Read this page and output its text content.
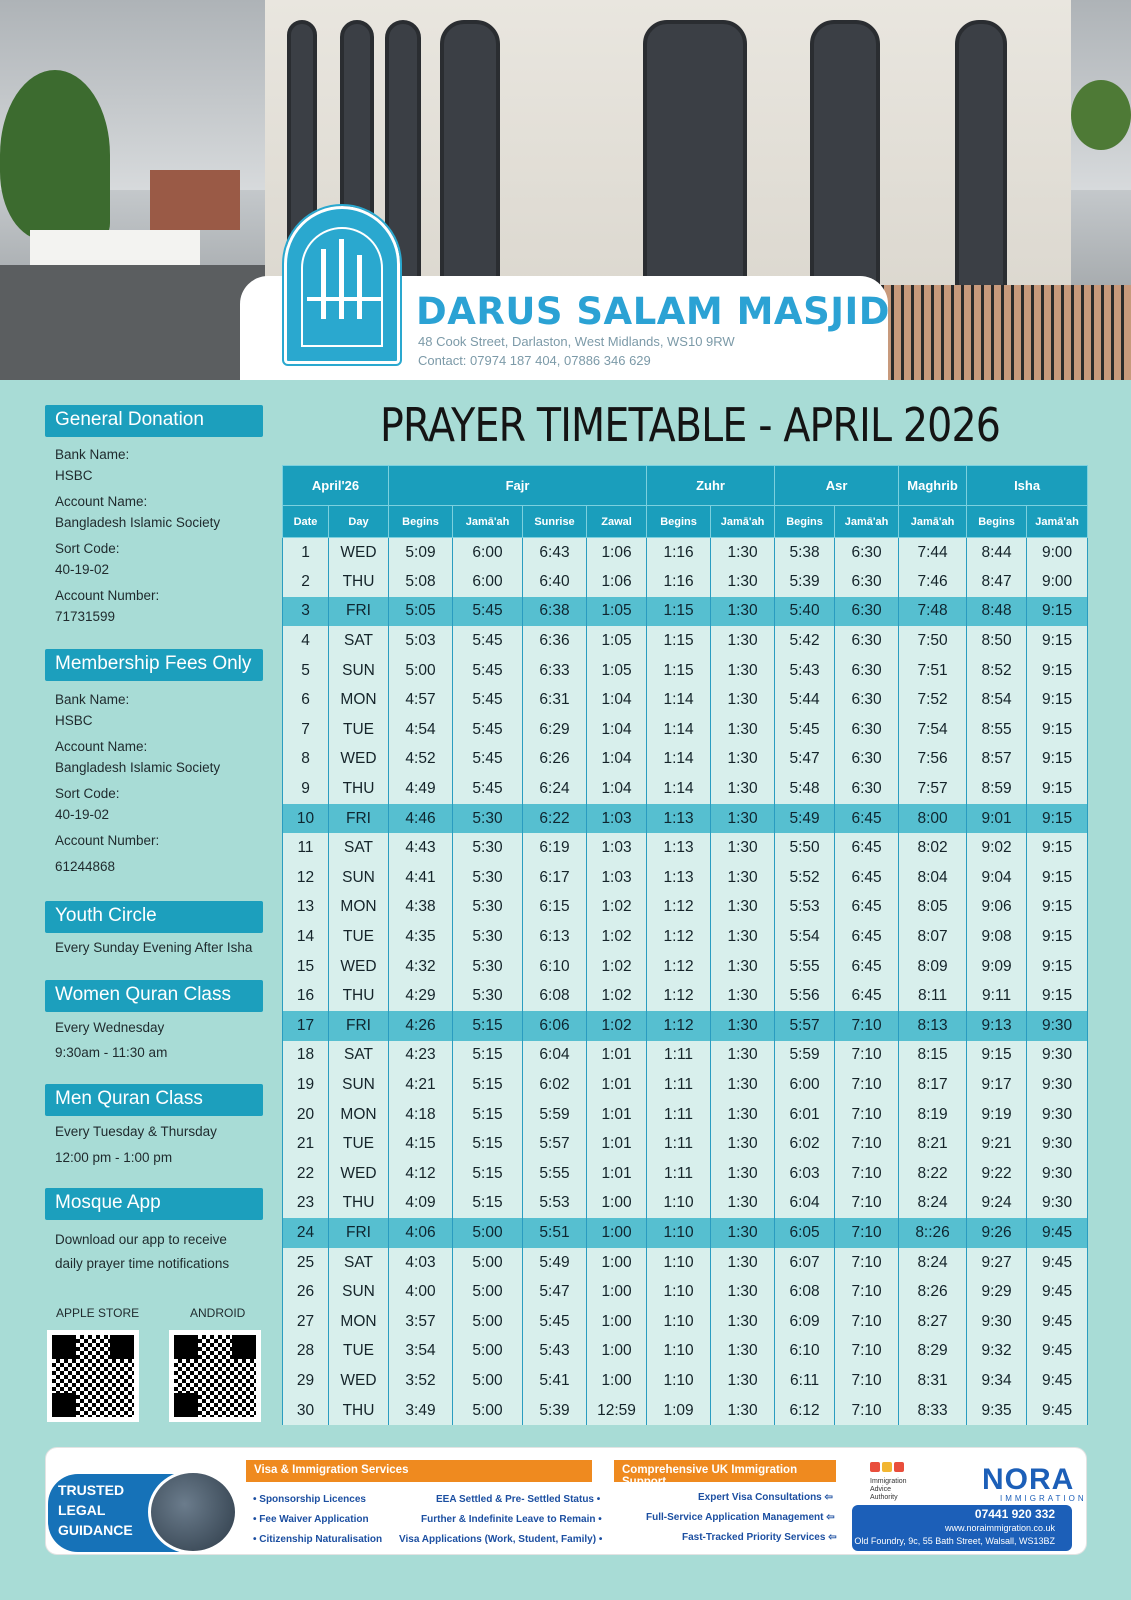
DARUS SALAM MASJID
48 Cook Street, Darlaston, West Midlands, WS10 9RW
Contact: 07974 187 404, 07886 346 629
General Donation
Bank Name:
HSBC
Account Name:
Bangladesh Islamic Society
Sort Code:
40-19-02
Account Number:
71731599
Membership Fees Only
Bank Name:
HSBC
Account Name:
Bangladesh Islamic Society
Sort Code:
40-19-02
Account Number:
61244868
Youth Circle
Every Sunday Evening After Isha
Women Quran Class
Every Wednesday
9:30am - 11:30 am
Men Quran Class
Every Tuesday & Thursday
12:00 pm - 1:00 pm
Mosque App
Download our app to receive
daily prayer time notifications
APPLE STORE	ANDROID
PRAYER TIMETABLE - APRIL 2026
April'26		Fajr				Zuhr		Asr		Maghrib	Isha	
Date	Day	Begins	Jamā'ah	Sunrise	Zawal	Begins	Jamā'ah	Begins	Jamā'ah	Jamā'ah	Begins	Jamā'ah
1	WED	5:09	6:00	6:43	1:06	1:16	1:30	5:38	6:30	7:44	8:44	9:00
2	THU	5:08	6:00	6:40	1:06	1:16	1:30	5:39	6:30	7:46	8:47	9:00
3	FRI	5:05	5:45	6:38	1:05	1:15	1:30	5:40	6:30	7:48	8:48	9:15
4	SAT	5:03	5:45	6:36	1:05	1:15	1:30	5:42	6:30	7:50	8:50	9:15
5	SUN	5:00	5:45	6:33	1:05	1:15	1:30	5:43	6:30	7:51	8:52	9:15
6	MON	4:57	5:45	6:31	1:04	1:14	1:30	5:44	6:30	7:52	8:54	9:15
7	TUE	4:54	5:45	6:29	1:04	1:14	1:30	5:45	6:30	7:54	8:55	9:15
8	WED	4:52	5:45	6:26	1:04	1:14	1:30	5:47	6:30	7:56	8:57	9:15
9	THU	4:49	5:45	6:24	1:04	1:14	1:30	5:48	6:30	7:57	8:59	9:15
10	FRI	4:46	5:30	6:22	1:03	1:13	1:30	5:49	6:45	8:00	9:01	9:15
11	SAT	4:43	5:30	6:19	1:03	1:13	1:30	5:50	6:45	8:02	9:02	9:15
12	SUN	4:41	5:30	6:17	1:03	1:13	1:30	5:52	6:45	8:04	9:04	9:15
13	MON	4:38	5:30	6:15	1:02	1:12	1:30	5:53	6:45	8:05	9:06	9:15
14	TUE	4:35	5:30	6:13	1:02	1:12	1:30	5:54	6:45	8:07	9:08	9:15
15	WED	4:32	5:30	6:10	1:02	1:12	1:30	5:55	6:45	8:09	9:09	9:15
16	THU	4:29	5:30	6:08	1:02	1:12	1:30	5:56	6:45	8:11	9:11	9:15
17	FRI	4:26	5:15	6:06	1:02	1:12	1:30	5:57	7:10	8:13	9:13	9:30
18	SAT	4:23	5:15	6:04	1:01	1:11	1:30	5:59	7:10	8:15	9:15	9:30
19	SUN	4:21	5:15	6:02	1:01	1:11	1:30	6:00	7:10	8:17	9:17	9:30
20	MON	4:18	5:15	5:59	1:01	1:11	1:30	6:01	7:10	8:19	9:19	9:30
21	TUE	4:15	5:15	5:57	1:01	1:11	1:30	6:02	7:10	8:21	9:21	9:30
22	WED	4:12	5:15	5:55	1:01	1:11	1:30	6:03	7:10	8:22	9:22	9:30
23	THU	4:09	5:15	5:53	1:00	1:10	1:30	6:04	7:10	8:24	9:24	9:30
24	FRI	4:06	5:00	5:51	1:00	1:10	1:30	6:05	7:10	8::26	9:26	9:45
25	SAT	4:03	5:00	5:49	1:00	1:10	1:30	6:07	7:10	8:24	9:27	9:45
26	SUN	4:00	5:00	5:47	1:00	1:10	1:30	6:08	7:10	8:26	9:29	9:45
27	MON	3:57	5:00	5:45	1:00	1:10	1:30	6:09	7:10	8:27	9:30	9:45
28	TUE	3:54	5:00	5:43	1:00	1:10	1:30	6:10	7:10	8:29	9:32	9:45
29	WED	3:52	5:00	5:41	1:00	1:10	1:30	6:11	7:10	8:31	9:34	9:45
30	THU	3:49	5:00	5:39	12:59	1:09	1:30	6:12	7:10	8:33	9:35	9:45
TRUSTED
LEGAL
GUIDANCE
Visa & Immigration Services	Comprehensive UK Immigration Support
• Sponsorship Licences
• Fee Waiver Application
• Citizenship Naturalisation
EEA Settled & Pre- Settled Status •
Further & Indefinite Leave to Remain •
Visa Applications (Work, Student, Family) •
Expert Visa Consultations ⇦
Full-Service Application Management ⇦
Fast-Tracked Priority Services ⇦
Immigration
Advice
Authority
NORA
IMMIGRATION
07441 920 332
www.noraimmigration.co.uk
The Old Foundry, 9c, 55 Bath Street, Walsall, WS13BZ
